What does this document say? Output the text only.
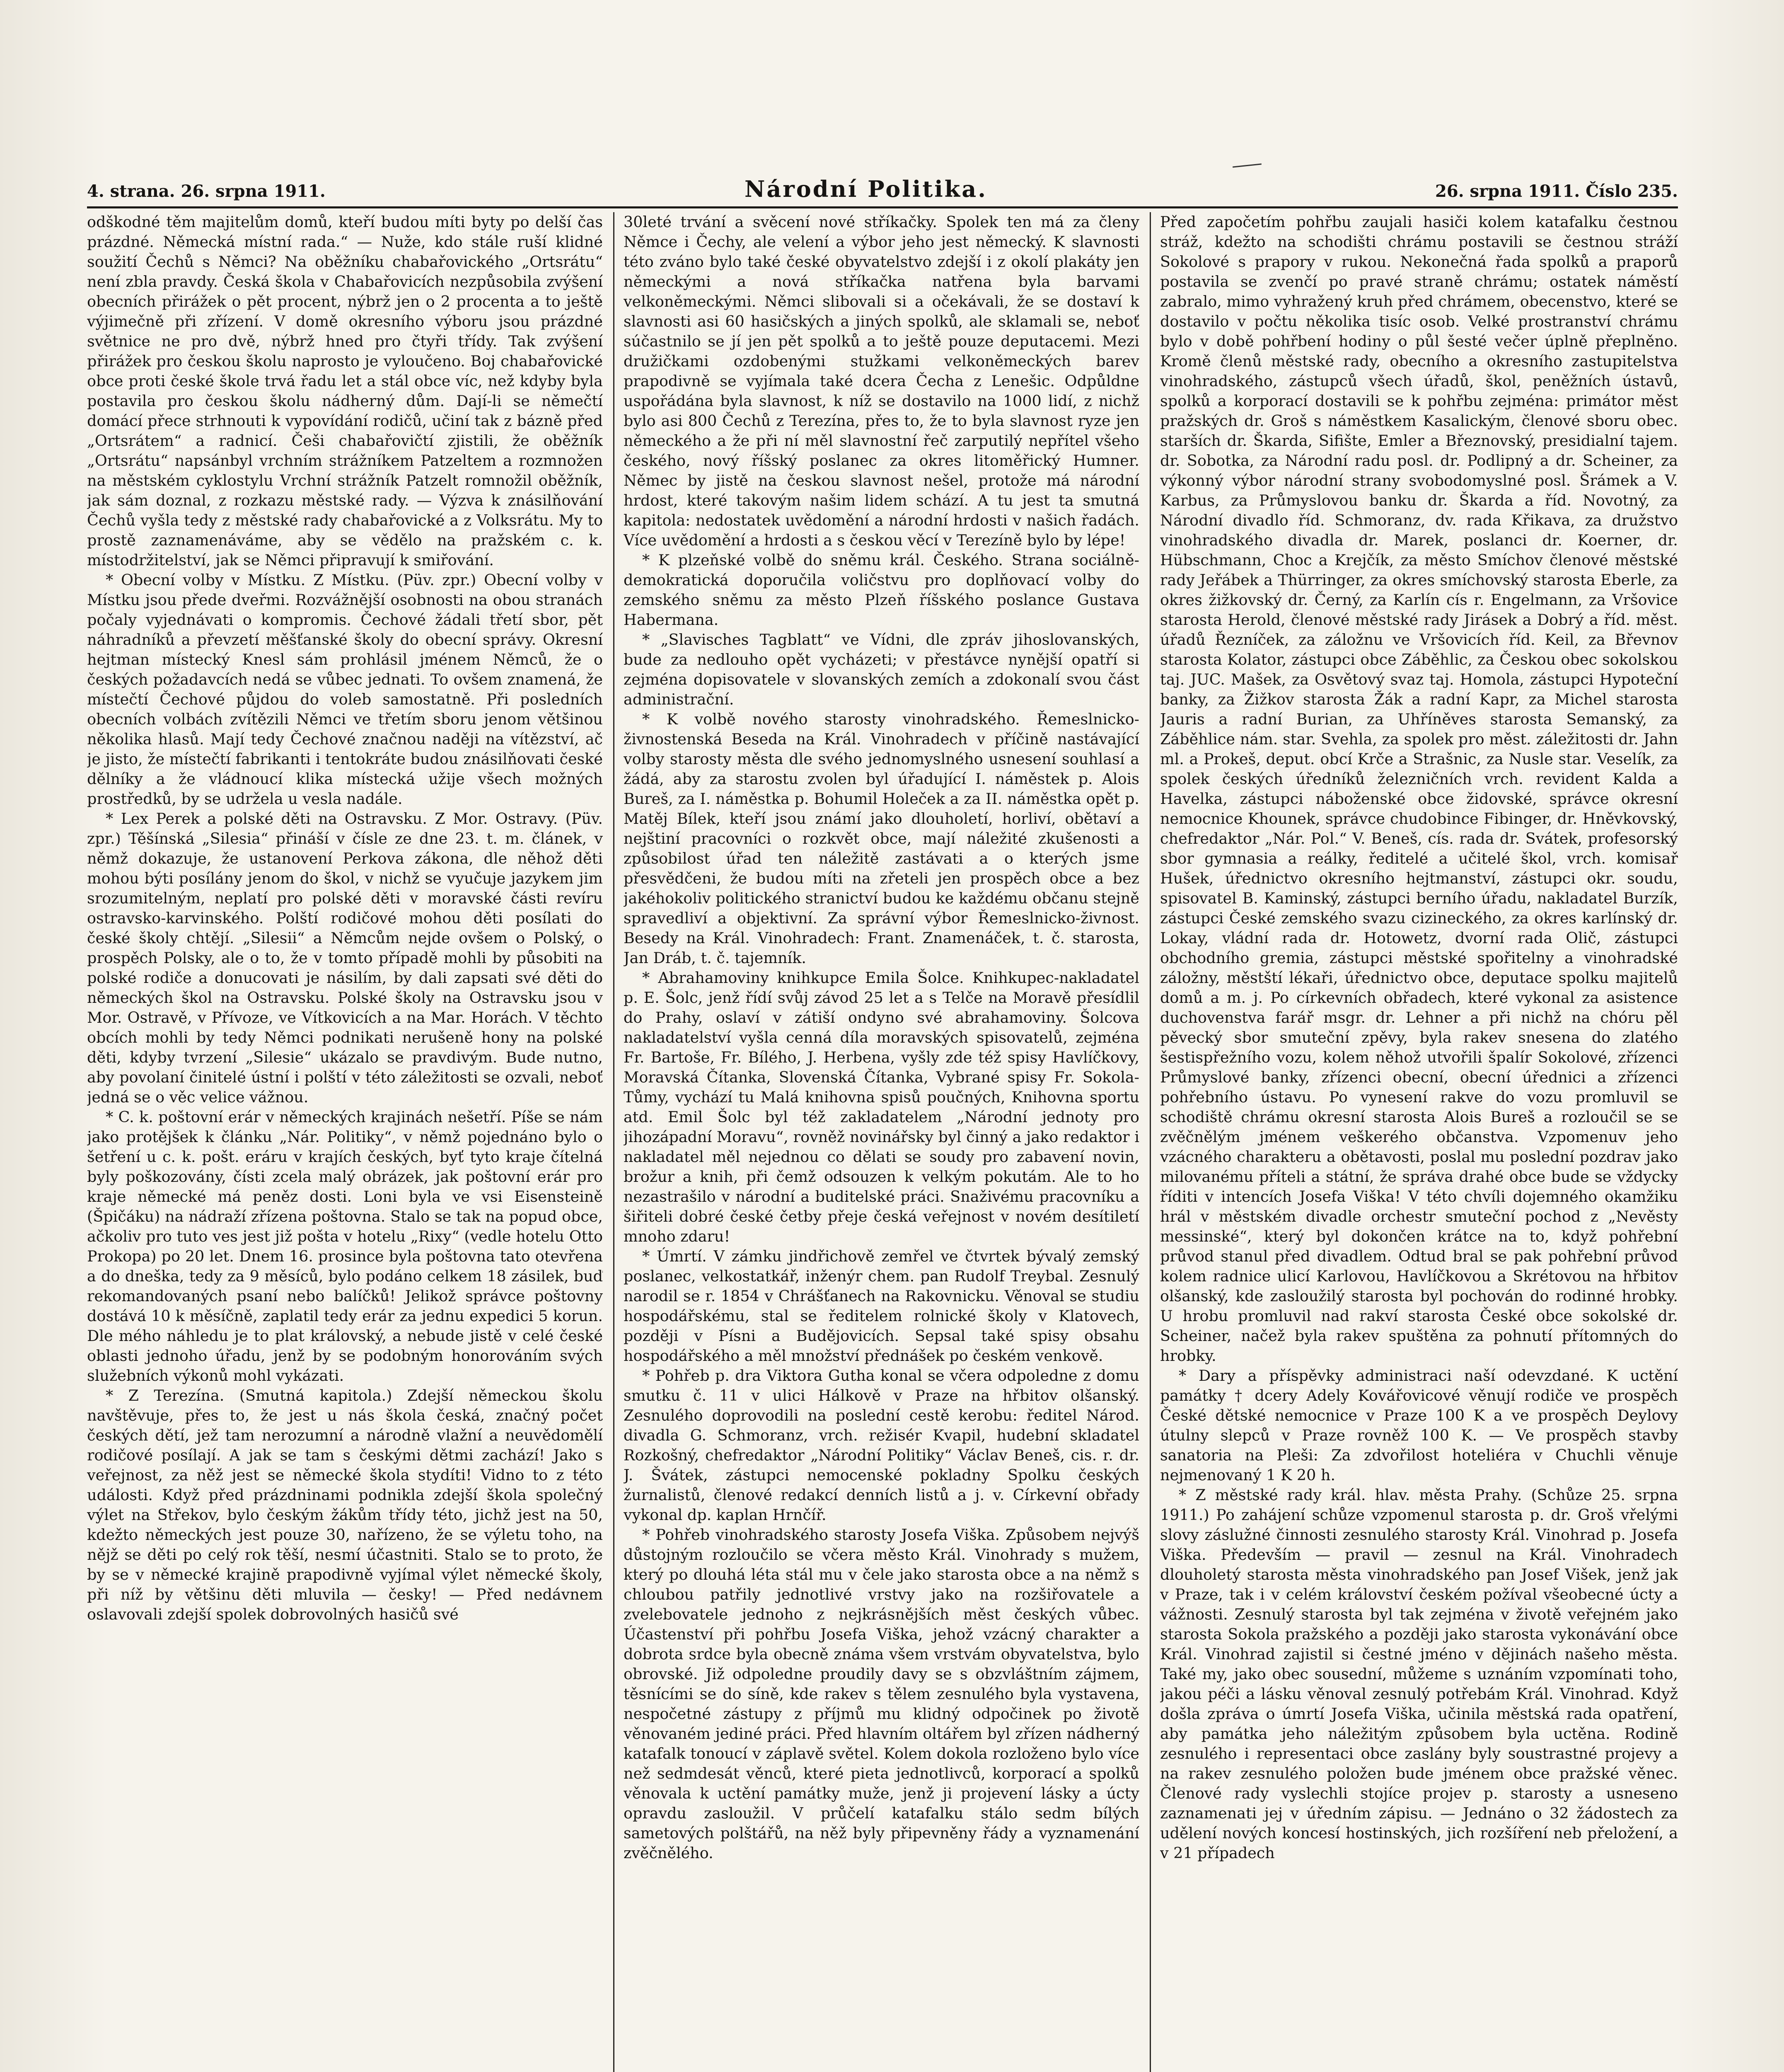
4. strana. 26. srpna 1911.	Národní Politika.	26. srpna 1911. Číslo 235.

odškodné těm majitelům domů, kteří budou míti byty po delší čas prázdné. Německá místní rada.“ — Nuže, kdo stále ruší klidné soužití Čechů s Němci? Na oběžníku chabařovického „Ortsrátu“ není zbla pravdy. Česká škola v Chabařovicích nezpůsobila zvýšení obecních přirážek o pět procent, nýbrž jen o 2 procenta a to ještě výjimečně při zřízení. V domě okresního výboru jsou prázdné světnice ne pro dvě, nýbrž hned pro čtyři třídy. Tak zvýšení přirážek pro českou školu naprosto je vyloučeno. Boj chabařovické obce proti české škole trvá řadu let a stál obce víc, než kdyby byla postavila pro českou školu nádherný dům. Dají-li se němečtí domácí přece strhnouti k vypovídání rodičů, učiní tak z bázně před „Ortsrátem“ a radnicí. Češi chabařovičtí zjistili, že oběžník „Ortsrátu“ napsánbyl vrchním strážníkem Patzeltem a rozmnožen na městském cyklostylu Vrchní strážník Patzelt romnožil oběžník, jak sám doznal, z rozkazu městské rady. — Výzva k znásilňování Čechů vyšla tedy z městské rady chabařovické a z Volksrátu. My to prostě zaznamenáváme, aby se vědělo na pražském c. k. místodržitelství, jak se Němci připravují k smiřování.

* Obecní volby v Místku. Z Místku. (Püv. zpr.) Obecní volby v Místku jsou přede dveřmi. Rozvážnější osobnosti na obou stranách počaly vyjednávati o kompromis. Čechové žádali třetí sbor, pět náhradníků a převzetí měšťanské školy do obecní správy. Okresní hejtman místecký Knesl sám prohlásil jménem Němců, že o českých požadavcích nedá se vůbec jednati. To ovšem znamená, že místečtí Čechové půjdou do voleb samostatně. Při posledních obecních volbách zvítězili Němci ve třetím sboru jenom většinou několika hlasů. Mají tedy Čechové značnou naději na vítězství, ač je jisto, že místečtí fabrikanti i tentokráte budou znásilňovati české dělníky a že vládnoucí klika místecká užije všech možných prostředků, by se udržela u vesla nadále.

* Lex Perek a polské děti na Ostravsku. Z Mor. Ostravy. (Püv. zpr.) Těšínská „Silesia“ přináší v čísle ze dne 23. t. m. článek, v němž dokazuje, že ustanovení Perkova zákona, dle něhož děti mohou býti posílány jenom do škol, v nichž se vyučuje jazykem jim srozumitelným, neplatí pro polské děti v moravské části revíru ostravsko-karvinského. Polští rodičové mohou děti posílati do české školy chtějí. „Silesii“ a Němcům nejde ovšem o Polský, o prospěch Polsky, ale o to, že v tomto případě mohli by působiti na polské rodiče a donucovati je násilím, by dali zapsati své děti do německých škol na Ostravsku. Polské školy na Ostravsku jsou v Mor. Ostravě, v Přívoze, ve Vítkovicích a na Mar. Horách. V těchto obcích mohli by tedy Němci podnikati nerušeně hony na polské děti, kdyby tvrzení „Silesie“ ukázalo se pravdivým. Bude nutno, aby povolaní činitelé ústní i polští v této záležitosti se ozvali, neboť jedná se o věc velice vážnou.

* C. k. poštovní erár v německých krajinách nešetří. Píše se nám jako protějšek k článku „Nár. Politiky“, v němž pojednáno bylo o šetření u c. k. pošt. eráru v krajích českých, byť tyto kraje čítelná byly poškozovány, čísti zcela malý obrázek, jak poštovní erár pro kraje německé má peněz dosti. Loni byla ve vsi Eisensteině (Špičáku) na nádraží zřízena poštovna. Stalo se tak na popud obce, ačkoliv pro tuto ves jest již pošta v hotelu „Rixy“ (vedle hotelu Otto Prokopa) po 20 let. Dnem 16. prosince byla poštovna tato otevřena a do dneška, tedy za 9 měsíců, bylo podáno celkem 18 zásilek, buď rekomandovaných psaní nebo balíčků! Jelikož správce poštovny dostává 10 k měsíčně, zaplatil tedy erár za jednu expedici 5 korun. Dle mého náhledu je to plat královský, a nebude jistě v celé české oblasti jednoho úřadu, jenž by se podobným honorováním svých služebních výkonů mohl vykázati.

* Z Terezína. (Smutná kapitola.) Zdejší německou školu navštěvuje, přes to, že jest u nás škola česká, značný počet českých dětí, jež tam nerozumní a národně vlažní a neuvědomělí rodičové posílají. A jak se tam s českými dětmi zachází! Jako s veřejnost, za něž jest se německé škola stydíti! Vidno to z této události. Když před prázdninami podnikla zdejší škola společný výlet na Střekov, bylo českým žákům třídy této, jichž jest na 50, kdežto německých jest pouze 30, nařízeno, že se výletu toho, na nějž se děti po celý rok těší, nesmí účastniti. Stalo se to proto, že by se v německé krajině prapodivně vyjímal výlet německé školy, při níž by většinu děti mluvila — česky! — Před nedávnem oslavovali zdejší spolek dobrovolných hasičů své

30leté trvání a svěcení nové stříkačky. Spolek ten má za členy Němce i Čechy, ale velení a výbor jeho jest německý. K slavnosti této zváno bylo také české obyvatelstvo zdejší i z okolí plakáty jen německými a nová stříkačka natřena byla barvami velkoněmeckými. Němci slibovali si a očekávali, že se dostaví k slavnosti asi 60 hasičských a jiných spolků, ale sklamali se, neboť súčastnilo se jí jen pět spolků a to ještě pouze deputacemi. Mezi družičkami ozdobenými stužkami velkoněmeckých barev prapodivně se vyjímala také dcera Čecha z Lenešic. Odpůldne uspořádána byla slavnost, k níž se dostavilo na 1000 lidí, z nichž bylo asi 800 Čechů z Terezína, přes to, že to byla slavnost ryze jen německého a že při ní měl slavnostní řeč zarputilý nepřítel všeho českého, nový říšský poslanec za okres litoměřický Humner. Němec by jistě na českou slavnost nešel, protože má národní hrdost, které takovým našim lidem schází. A tu jest ta smutná kapitola: nedostatek uvědomění a národní hrdosti v našich řadách. Více uvědomění a hrdosti a s českou věcí v Terezíně bylo by lépe!

* K plzeňské volbě do sněmu král. Českého. Strana sociálně-demokratická doporučila voličstvu pro doplňovací volby do zemského sněmu za město Plzeň říšského poslance Gustava Habermana.

* „Slavisches Tagblatt“ ve Vídni, dle zpráv jihoslovanských, bude za nedlouho opět vycházeti; v přestávce nynější opatří si zejména dopisovatele v slovanských zemích a zdokonalí svou část administrační.

* K volbě nového starosty vinohradského. Řemeslnicko-živnostenská Beseda na Král. Vinohradech v příčině nastávající volby starosty města dle svého jednomyslného usnesení souhlasí a žádá, aby za starostu zvolen byl úřadující I. náměstek p. Alois Bureš, za I. náměstka p. Bohumil Holeček a za II. náměstka opět p. Matěj Bílek, kteří jsou známí jako dlouholetí, horliví, obětaví a nejštiní pracovníci o rozkvět obce, mají náležité zkušenosti a způsobilost úřad ten náležitě zastávati a o kterých jsme přesvědčeni, že budou míti na zřeteli jen prospěch obce a bez jakéhokoliv politického stranictví budou ke každému občanu stejně spravedliví a objektivní. Za správní výbor Řemeslnicko-živnost. Besedy na Král. Vinohradech: Frant. Znamenáček, t. č. starosta, Jan Dráb, t. č. tajemník.

* Abrahamoviny knihkupce Emila Šolce. Knihkupec-nakladatel p. E. Šolc, jenž řídí svůj závod 25 let a s Telče na Moravě přesídlil do Prahy, oslaví v zátiší ondyno své abrahamoviny. Šolcova nakladatelství vyšla cenná díla moravských spisovatelů, zejména Fr. Bartoše, Fr. Bílého, J. Herbena, vyšly zde též spisy Havlíčkovy, Moravská Čítanka, Slovenská Čítanka, Vybrané spisy Fr. Sokola-Tůmy, vychází tu Malá knihovna spisů poučných, Knihovna sportu atd. Emil Šolc byl též zakladatelem „Národní jednoty pro jihozápadní Moravu“, rovněž novinářsky byl činný a jako redaktor i nakladatel měl nejednou co dělati se soudy pro zabavení novin, brožur a knih, při čemž odsouzen k velkým pokutám. Ale to ho nezastrašilo v národní a buditelské práci. Snaživému pracovníku a šiřiteli dobré české četby přeje česká veřejnost v novém desítiletí mnoho zdaru!

* Úmrtí. V zámku jindřichově zemřel ve čtvrtek bývalý zemský poslanec, velkostatkář, inženýr chem. pan Rudolf Treybal. Zesnulý narodil se r. 1854 v Chrášťanech na Rakovnicku. Věnoval se studiu hospodářskému, stal se ředitelem rolnické školy v Klatovech, později v Písni a Budějovicích. Sepsal také spisy obsahu hospodářského a měl množství přednášek po českém venkově.

* Pohřeb p. dra Viktora Gutha konal se včera odpoledne z domu smutku č. 11 v ulici Hálkově v Praze na hřbitov olšanský. Zesnulého doprovodili na poslední cestě kerobu: ředitel Národ. divadla G. Schmoranz, vrch. režisér Kvapil, hudební skladatel Rozkošný, chefredaktor „Národní Politiky“ Václav Beneš, cis. r. dr. J. Švátek, zástupci nemocenské pokladny Spolku českých žurnalistů, členové redakcí denních listů a j. v. Církevní obřady vykonal dp. kaplan Hrnčíř.

* Pohřeb vinohradského starosty Josefa Viška. Způsobem nejvýš důstojným rozloučilo se včera město Král. Vinohrady s mužem, který po dlouhá léta stál mu v čele jako starosta obce a na němž s chloubou patřily jednotlivé vrstvy jako na rozšiřovatele a zvelebovatele jednoho z nejkrásnějších měst českých vůbec. Účastenství při pohřbu Josefa Viška, jehož vzácný charakter a dobrota srdce byla obecně známa všem vrstvám obyvatelstva, bylo obrovské. Již odpoledne proudily davy se s obzvláštním zájmem, těsnícími se do síně, kde rakev s tělem zesnulého byla vystavena, nespočetné zástupy z příjmů mu klidný odpočinek po životě věnovaném jediné práci. Před hlavním oltářem byl zřízen nádherný katafalk tonoucí v záplavě světel. Kolem dokola rozloženo bylo více než sedmdesát věnců, které pieta jednotlivců, korporací a spolků věnovala k uctění památky muže, jenž ji projevení lásky a úcty opravdu zasloužil. V průčelí katafalku stálo sedm bílých sametových polštářů, na něž byly připevněny řády a vyznamenání zvěčnělého.

Před započetím pohřbu zaujali hasiči kolem katafalku čestnou stráž, kdežto na schodišti chrámu postavili se čestnou stráží Sokolové s prapory v rukou. Nekonečná řada spolků a praporů postavila se zvenčí po pravé straně chrámu; ostatek náměstí zabralo, mimo vyhražený kruh před chrámem, obecenstvo, které se dostavilo v počtu několika tisíc osob. Velké prostranství chrámu bylo v době pohřbení hodiny o půl šesté večer úplně přeplněno. Kromě členů městské rady, obecního a okresního zastupitelstva vinohradského, zástupců všech úřadů, škol, peněžních ústavů, spolků a korporací dostavili se k pohřbu zejména: primátor měst pražských dr. Groš s náměstkem Kasalickým, členové sboru obec. starších dr. Škarda, Sifište, Emler a Březnovský, presidialní tajem. dr. Sobotka, za Národní radu posl. dr. Podlipný a dr. Scheiner, za výkonný výbor národní strany svobodomyslné posl. Šrámek a V. Karbus, za Průmyslovou banku dr. Škarda a říd. Novotný, za Národní divadlo říd. Schmoranz, dv. rada Křikava, za družstvo vinohradského divadla dr. Marek, poslanci dr. Koerner, dr. Hübschmann, Choc a Krejčík, za město Smíchov členové městské rady Jeřábek a Thürringer, za okres smíchovský starosta Eberle, za okres žižkovský dr. Černý, za Karlín cís r. Engelmann, za Vršovice starosta Herold, členové městské rady Jirásek a Dobrý a říd. měst. úřadů Řezníček, za záložnu ve Vršovicích říd. Keil, za Břevnov starosta Kolator, zástupci obce Záběhlic, za Českou obec sokolskou taj. JUC. Mašek, za Osvětový svaz taj. Homola, zástupci Hypoteční banky, za Žižkov starosta Žák a radní Kapr, za Michel starosta Jauris a radní Burian, za Uhříněves starosta Semanský, za Záběhlice nám. star. Svehla, za spolek pro měst. záležitosti dr. Jahn ml. a Prokeš, deput. obcí Krče a Strašnic, za Nusle star. Veselík, za spolek českých úředníků železničních vrch. revident Kalda a Havelka, zástupci náboženské obce židovské, správce okresní nemocnice Khounek, správce chudobince Fibinger, dr. Hněvkovský, chefredaktor „Nár. Pol.“ V. Beneš, cís. rada dr. Svátek, profesorský sbor gymnasia a reálky, ředitelé a učitelé škol, vrch. komisař Hušek, úřednictvo okresního hejtmanství, zástupci okr. soudu, spisovatel B. Kaminský, zástupci berního úřadu, nakladatel Burzík, zástupci České zemského svazu cizineckého, za okres karlínský dr. Lokay, vládní rada dr. Hotowetz, dvorní rada Olič, zástupci obchodního gremia, zástupci městské spořitelny a vinohradské záložny, městští lékaři, úřednictvo obce, deputace spolku majitelů domů a m. j. Po církevních obřadech, které vykonal za asistence duchovenstva farář msgr. dr. Lehner a při nichž na chóru pěl pěvecký sbor smuteční zpěvy, byla rakev snesena do zlatého šestispřežního vozu, kolem něhož utvořili špalír Sokolové, zřízenci Průmyslové banky, zřízenci obecní, obecní úřednici a zřízenci pohřebního ústavu. Po vynesení rakve do vozu promluvil se schodiště chrámu okresní starosta Alois Bureš a rozloučil se se zvěčnělým jménem veškerého občanstva. Vzpomenuv jeho vzácného charakteru a obětavosti, poslal mu poslední pozdrav jako milovanému příteli a státní, že správa drahé obce bude se vždycky říditi v intencích Josefa Viška! V této chvíli dojemného okamžiku hrál v městském divadle orchestr smuteční pochod z „Nevěsty messinské“, který byl dokončen krátce na to, když pohřební průvod stanul před divadlem. Odtud bral se pak pohřební průvod kolem radnice ulicí Karlovou, Havlíčkovou a Skrétovou na hřbitov olšanský, kde zasloužilý starosta byl pochován do rodinné hrobky. U hrobu promluvil nad rakví starosta České obce sokolské dr. Scheiner, načež byla rakev spuštěna za pohnutí přítomných do hrobky.

* Dary a příspěvky administraci naší odevzdané. K uctění památky † dcery Adely Kovářovicové věnují rodiče ve prospěch České dětské nemocnice v Praze 100 K a ve prospěch Deylovy útulny slepců v Praze rovněž 100 K. — Ve prospěch stavby sanatoria na Pleši: Za zdvořilost hoteliéra v Chuchli věnuje nejmenovaný 1 K 20 h.

* Z městské rady král. hlav. města Prahy. (Schůze 25. srpna 1911.) Po zahájení schůze vzpomenul starosta p. dr. Groš vřelými slovy záslužné činnosti zesnulého starosty Král. Vinohrad p. Josefa Viška. Především — pravil — zesnul na Král. Vinohradech dlouholetý starosta města vinohradského pan Josef Višek, jenž jak v Praze, tak i v celém království českém požíval všeobecné úcty a vážnosti. Zesnulý starosta byl tak zejména v životě veřejném jako starosta Sokola pražského a později jako starosta vykonávání obce Král. Vinohrad zajistil si čestné jméno v dějinách našeho města. Také my, jako obec sousední, můžeme s uznáním vzpomínati toho, jakou péči a lásku věnoval zesnulý potřebám Král. Vinohrad. Když došla zpráva o úmrtí Josefa Viška, učinila městská rada opatření, aby památka jeho náležitým způsobem byla uctěna. Rodině zesnulého i representaci obce zaslány byly soustrastné projevy a na rakev zesnulého položen bude jménem obce pražské věnec. Členové rady vyslechli stojíce projev p. starosty a usneseno zaznamenati jej v úředním zápisu. — Jednáno o 32 žádostech za udělení nových koncesí hostinských, jich rozšíření neb přeložení, a v 21 případech
